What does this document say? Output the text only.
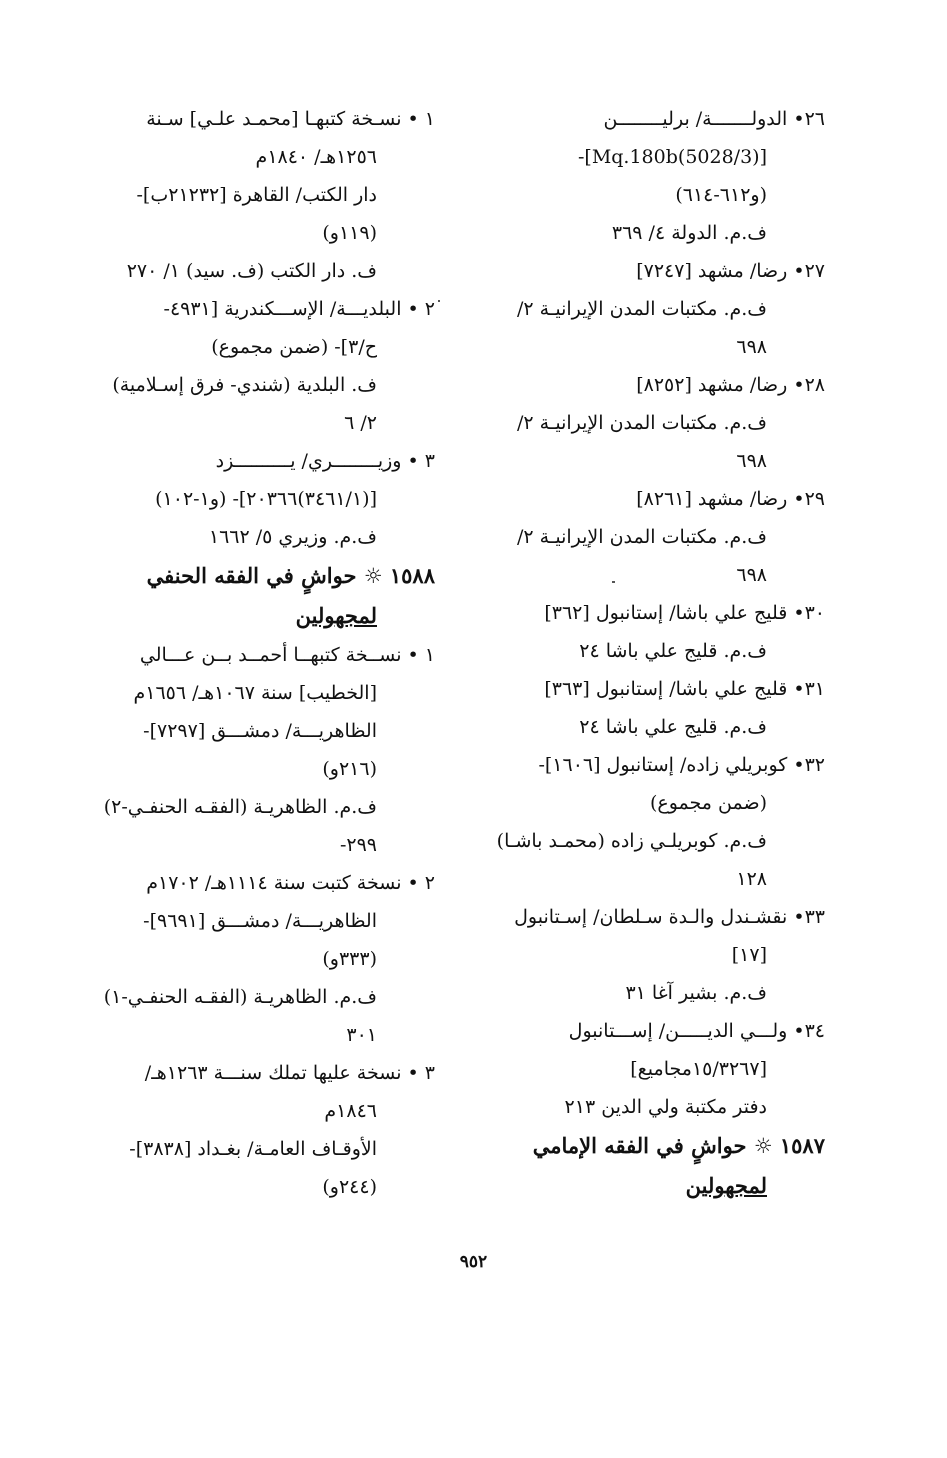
٢٦• الدولـــــــة/ برليــــــــن
[(5028/3)Mq.180b]-
(و٦١٢-٦١٤)
ف.م. الدولة ٤/ ٣٦٩
٢٧• رضا/ مشهد [٧٢٤٧]
ف.م. مكتبات المدن الإيرانيـة ٢/
٦٩٨
٢٨• رضا/ مشهد [٨٢٥٢]
ف.م. مكتبات المدن الإيرانيـة ٢/
٦٩٨
٢٩• رضا/ مشهد [٨٢٦١]
ف.م. مكتبات المدن الإيرانيـة ٢/
٦٩٨
٣٠• قليج علي باشا/ إستانبول [٣٦٢]
ف.م. قليج علي باشا ٢٤
٣١• قليج علي باشا/ إستانبول [٣٦٣]
ف.م. قليج علي باشا ٢٤
٣٢• كوبريلي زاده/ إستانبول [١٦٠٦]-
(ضمن مجموع)
ف.م. كوبريلـي زاده (محمـد باشـا)
١٢٨
٣٣• نقشـندل والـدة سـلطان/ إسـتانبول
[١٧]
ف.م. بشير آغا ٣١
٣٤• ولـــي الديـــــن/ إســـتانبول
[١٥/٣٢٦٧مجاميع]
دفتر مكتبة ولي الدين ٢١٣
١٥٨٧ ☼ حواشٍ في الفقه الإمامي
لمجهولين
١ • نسـخة كتبهـا [محمـد علـي] سـنة
١٢٥٦هـ/ ١٨٤٠م
دار الكتب/ القاهرة [٢١٢٣٢ب]-
(١١٩و)
ف. دار الكتب (ف. سيد) ١/ ٢٧٠
٢ • البلديـــة/ الإســـكندرية [٤٩٣١-
ح/٣]- (ضمن مجموع)
ف. البلدية (شندي- فرق إسـلامية)
٢/ ٦
٣ • وزيــــــــري/ يــــــــــزد
[(٣٤٦١/١)٢٠٣٦٦]- (و١-١٠٢)
ف.م. وزيري ٥/ ١٦٦٢
١٥٨٨ ☼ حواشٍ في الفقه الحنفي
لمجهولين
١ • نســخة كتبهــا أحمــد بــن عـــالي
[الخطيب] سنة ١٠٦٧هـ/ ١٦٥٦م
الظاهريـــة/ دمشـــق [٧٢٩٧]-
(٢١٦و)
ف.م. الظاهريـة (الفقـه الحنفـي-٢)
٢٩٩-
٢ • نسخة كتبت سنة ١١١٤هـ/ ١٧٠٢م
الظاهريـــة/ دمشـــق [٩٦٩١]-
(٣٣٣و)
ف.م. الظاهريـة (الفقـه الحنفـي-١)
٣٠١
٣ • نسخة عليها تملك سنـــة ١٢٦٣هـ/
١٨٤٦م
الأوقـاف العامـة/ بغـداد [٣٨٣٨]-
(٢٤٤و)
٩٥٢
